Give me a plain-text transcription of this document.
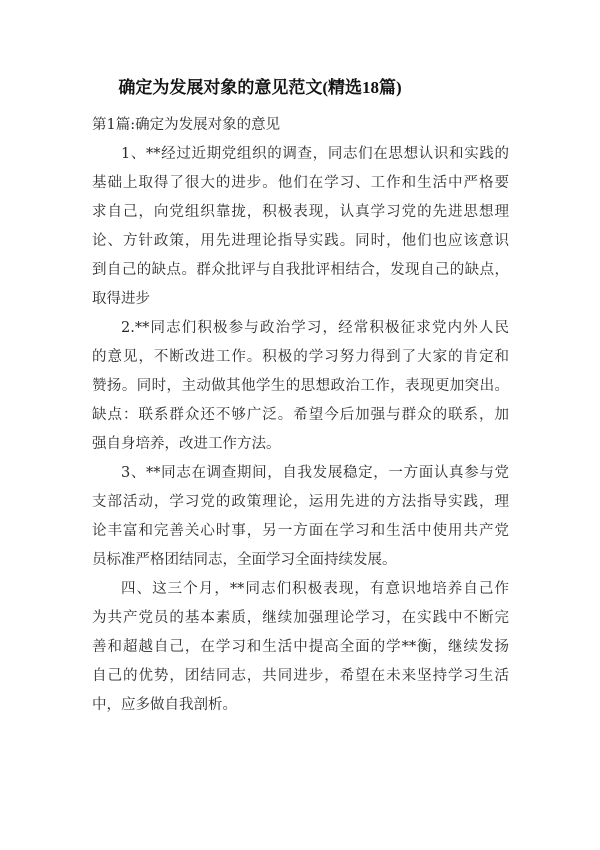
确定为发展对象的意见范文(精选18篇)
第1篇:确定为发展对象的意见
1、**经过近期党组织的调查，同志们在思想认识和实践的
基础上取得了很大的进步。他们在学习、工作和生活中严格要
求自己，向党组织靠拢，积极表现，认真学习党的先进思想理
论、方针政策，用先进理论指导实践。同时，他们也应该意识
到自己的缺点。群众批评与自我批评相结合，发现自己的缺点，
取得进步
2.**同志们积极参与政治学习，经常积极征求党内外人民
的意见，不断改进工作。积极的学习努力得到了大家的肯定和
赞扬。同时，主动做其他学生的思想政治工作，表现更加突出。
缺点：联系群众还不够广泛。希望今后加强与群众的联系，加
强自身培养，改进工作方法。
3、**同志在调查期间，自我发展稳定，一方面认真参与党
支部活动，学习党的政策理论，运用先进的方法指导实践，理
论丰富和完善关心时事，另一方面在学习和生活中使用共产党
员标准严格团结同志，全面学习全面持续发展。
四、这三个月，**同志们积极表现，有意识地培养自己作
为共产党员的基本素质，继续加强理论学习，在实践中不断完
善和超越自己，在学习和生活中提高全面的学**衡，继续发扬
自己的优势，团结同志，共同进步，希望在未来坚持学习生活
中，应多做自我剖析。
